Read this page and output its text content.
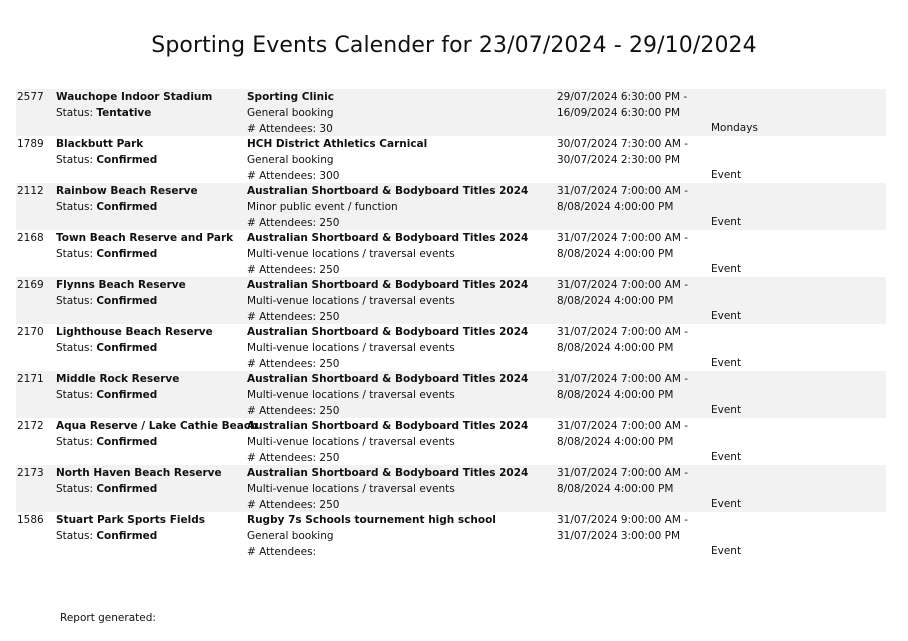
Sporting Events Calender for 23/07/2024 - 29/10/2024
2577 Wauchope Indoor Stadium
Status: Tentative
Sporting Clinic
General booking
# Attendees: 30
29/07/2024 6:30:00 PM -
16/09/2024 6:30:00 PM
Mondays
1789 Blackbutt Park
Status: Confirmed
HCH District Athletics Carnical
General booking
# Attendees: 300
30/07/2024 7:30:00 AM -
30/07/2024 2:30:00 PM
Event
2112 Rainbow Beach Reserve
Status: Confirmed
Australian Shortboard & Bodyboard Titles 2024
Minor public event / function
# Attendees: 250
31/07/2024 7:00:00 AM -
8/08/2024 4:00:00 PM
Event
2168 Town Beach Reserve and Park
Status: Confirmed
Australian Shortboard & Bodyboard Titles 2024
Multi-venue locations / traversal events
# Attendees: 250
31/07/2024 7:00:00 AM -
8/08/2024 4:00:00 PM
Event
2169 Flynns Beach Reserve
Status: Confirmed
Australian Shortboard & Bodyboard Titles 2024
Multi-venue locations / traversal events
# Attendees: 250
31/07/2024 7:00:00 AM -
8/08/2024 4:00:00 PM
Event
2170 Lighthouse Beach Reserve
Status: Confirmed
Australian Shortboard & Bodyboard Titles 2024
Multi-venue locations / traversal events
# Attendees: 250
31/07/2024 7:00:00 AM -
8/08/2024 4:00:00 PM
Event
2171 Middle Rock Reserve
Status: Confirmed
Australian Shortboard & Bodyboard Titles 2024
Multi-venue locations / traversal events
# Attendees: 250
31/07/2024 7:00:00 AM -
8/08/2024 4:00:00 PM
Event
2172 Aqua Reserve / Lake Cathie Beach
Status: Confirmed
Australian Shortboard & Bodyboard Titles 2024
Multi-venue locations / traversal events
# Attendees: 250
31/07/2024 7:00:00 AM -
8/08/2024 4:00:00 PM
Event
2173 North Haven Beach Reserve
Status: Confirmed
Australian Shortboard & Bodyboard Titles 2024
Multi-venue locations / traversal events
# Attendees: 250
31/07/2024 7:00:00 AM -
8/08/2024 4:00:00 PM
Event
1586 Stuart Park Sports Fields
Status: Confirmed
Rugby 7s Schools tournement high school
General booking
# Attendees:
31/07/2024 9:00:00 AM -
31/07/2024 3:00:00 PM
Event
Report generated:
